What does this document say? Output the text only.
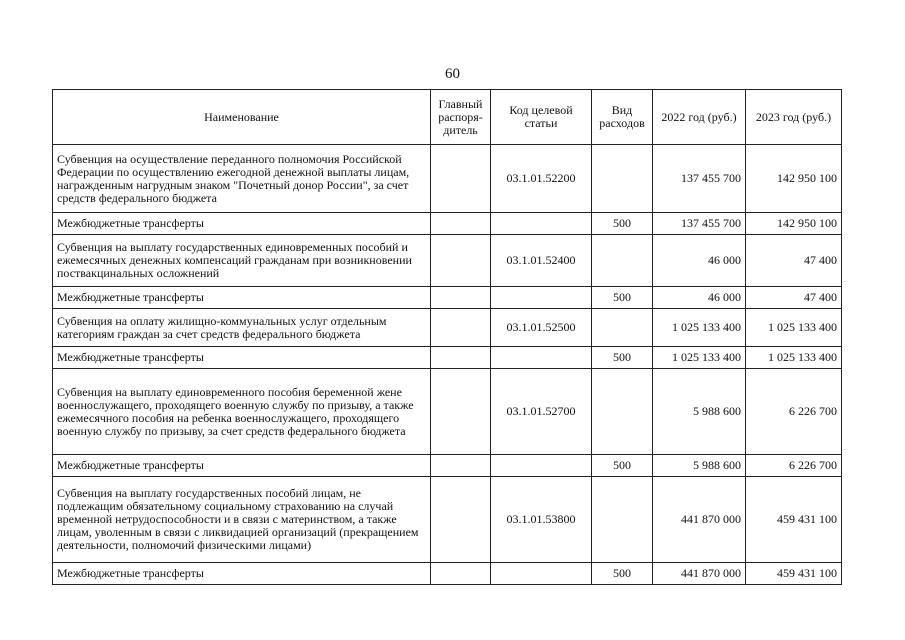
60
Наименование	Главный распоря-дитель	Код целевой статьи	Вид расходов	2022 год (руб.)	2023 год (руб.)
Субвенция на осуществление переданного полномочия Российской Федерации по осуществлению ежегодной денежной выплаты лицам, награжденным нагрудным знаком "Почетный донор России", за счет средств федерального бюджета		03.1.01.52200		137 455 700	142 950 100
Межбюджетные трансферты			500	137 455 700	142 950 100
Субвенция на выплату государственных единовременных пособий и ежемесячных денежных компенсаций гражданам при возникновении поствакцинальных осложнений		03.1.01.52400		46 000	47 400
Межбюджетные трансферты			500	46 000	47 400
Субвенция на оплату жилищно-коммунальных услуг отдельным категориям граждан за счет средств федерального бюджета		03.1.01.52500		1 025 133 400	1 025 133 400
Межбюджетные трансферты			500	1 025 133 400	1 025 133 400
Субвенция на выплату единовременного пособия беременной жене военнослужащего, проходящего военную службу по призыву, а также ежемесячного пособия на ребенка военнослужащего, проходящего военную службу по призыву, за счет средств федерального бюджета		03.1.01.52700		5 988 600	6 226 700
Межбюджетные трансферты			500	5 988 600	6 226 700
Субвенция на выплату государственных пособий лицам, не подлежащим обязательному социальному страхованию на случай временной нетрудоспособности и в связи с материнством, а также лицам, уволенным в связи с ликвидацией организаций (прекращением деятельности, полномочий физическими лицами)		03.1.01.53800		441 870 000	459 431 100
Межбюджетные трансферты			500	441 870 000	459 431 100
